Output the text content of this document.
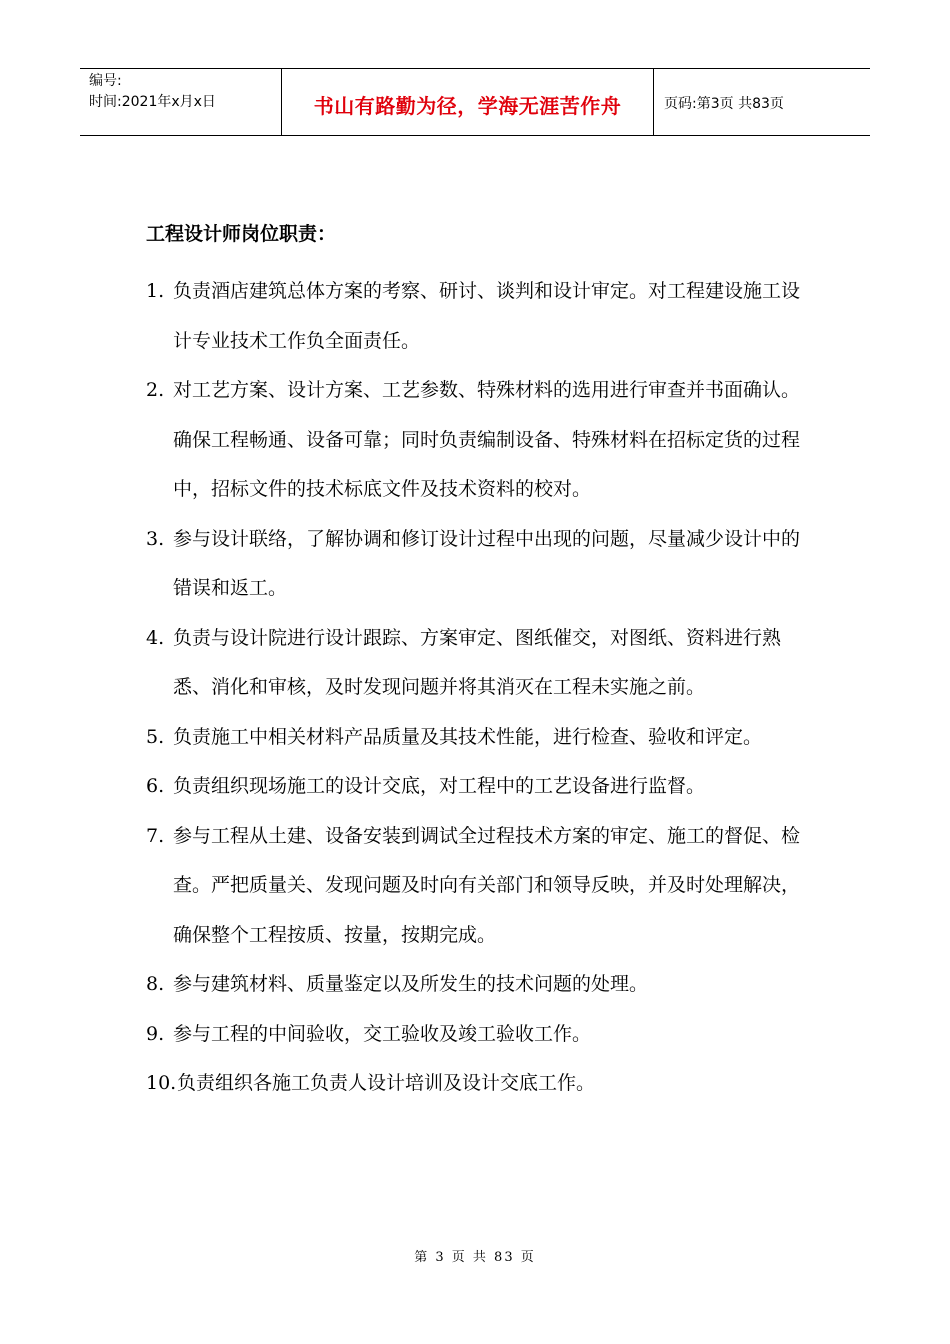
编号:
时间:2021年x月x日	书山有路勤为径，学海无涯苦作舟	页码:第3页 共83页
工程设计师岗位职责：
1. 负责酒店建筑总体方案的考察、研讨、谈判和设计审定。对工程建设施工设计专业技术工作负全面责任。
2. 对工艺方案、设计方案、工艺参数、特殊材料的选用进行审查并书面确认。确保工程畅通、设备可靠；同时负责编制设备、特殊材料在招标定货的过程中，招标文件的技术标底文件及技术资料的校对。
3. 参与设计联络，了解协调和修订设计过程中出现的问题，尽量减少设计中的错误和返工。
4. 负责与设计院进行设计跟踪、方案审定、图纸催交，对图纸、资料进行熟悉、消化和审核，及时发现问题并将其消灭在工程未实施之前。
5. 负责施工中相关材料产品质量及其技术性能，进行检查、验收和评定。
6. 负责组织现场施工的设计交底，对工程中的工艺设备进行监督。
7. 参与工程从土建、设备安装到调试全过程技术方案的审定、施工的督促、检查。严把质量关、发现问题及时向有关部门和领导反映，并及时处理解决，确保整个工程按质、按量，按期完成。
8. 参与建筑材料、质量鉴定以及所发生的技术问题的处理。
9. 参与工程的中间验收，交工验收及竣工验收工作。
10. 负责组织各施工负责人设计培训及设计交底工作。
第 3 页 共 83 页
